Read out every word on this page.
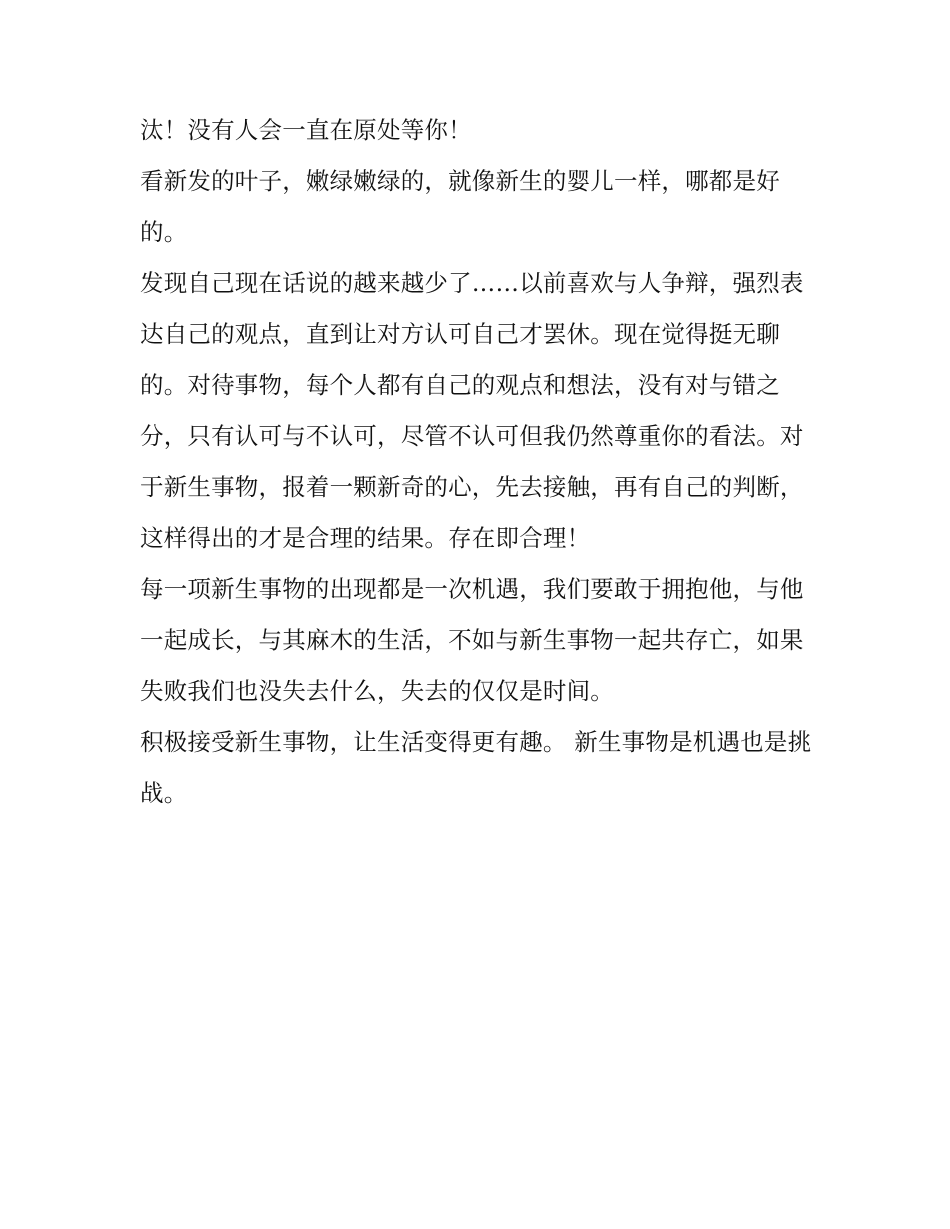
汰！没有人会一直在原处等你！

看新发的叶子，嫩绿嫩绿的，就像新生的婴儿一样，哪都是好的。

发现自己现在话说的越来越少了……以前喜欢与人争辩，强烈表达自己的观点，直到让对方认可自己才罢休。现在觉得挺无聊的。对待事物，每个人都有自己的观点和想法，没有对与错之分，只有认可与不认可，尽管不认可但我仍然尊重你的看法。对于新生事物，报着一颗新奇的心，先去接触，再有自己的判断，这样得出的才是合理的结果。存在即合理！

每一项新生事物的出现都是一次机遇，我们要敢于拥抱他，与他一起成长，与其麻木的生活，不如与新生事物一起共存亡，如果失败我们也没失去什么，失去的仅仅是时间。

积极接受新生事物，让生活变得更有趣。 新生事物是机遇也是挑战。
